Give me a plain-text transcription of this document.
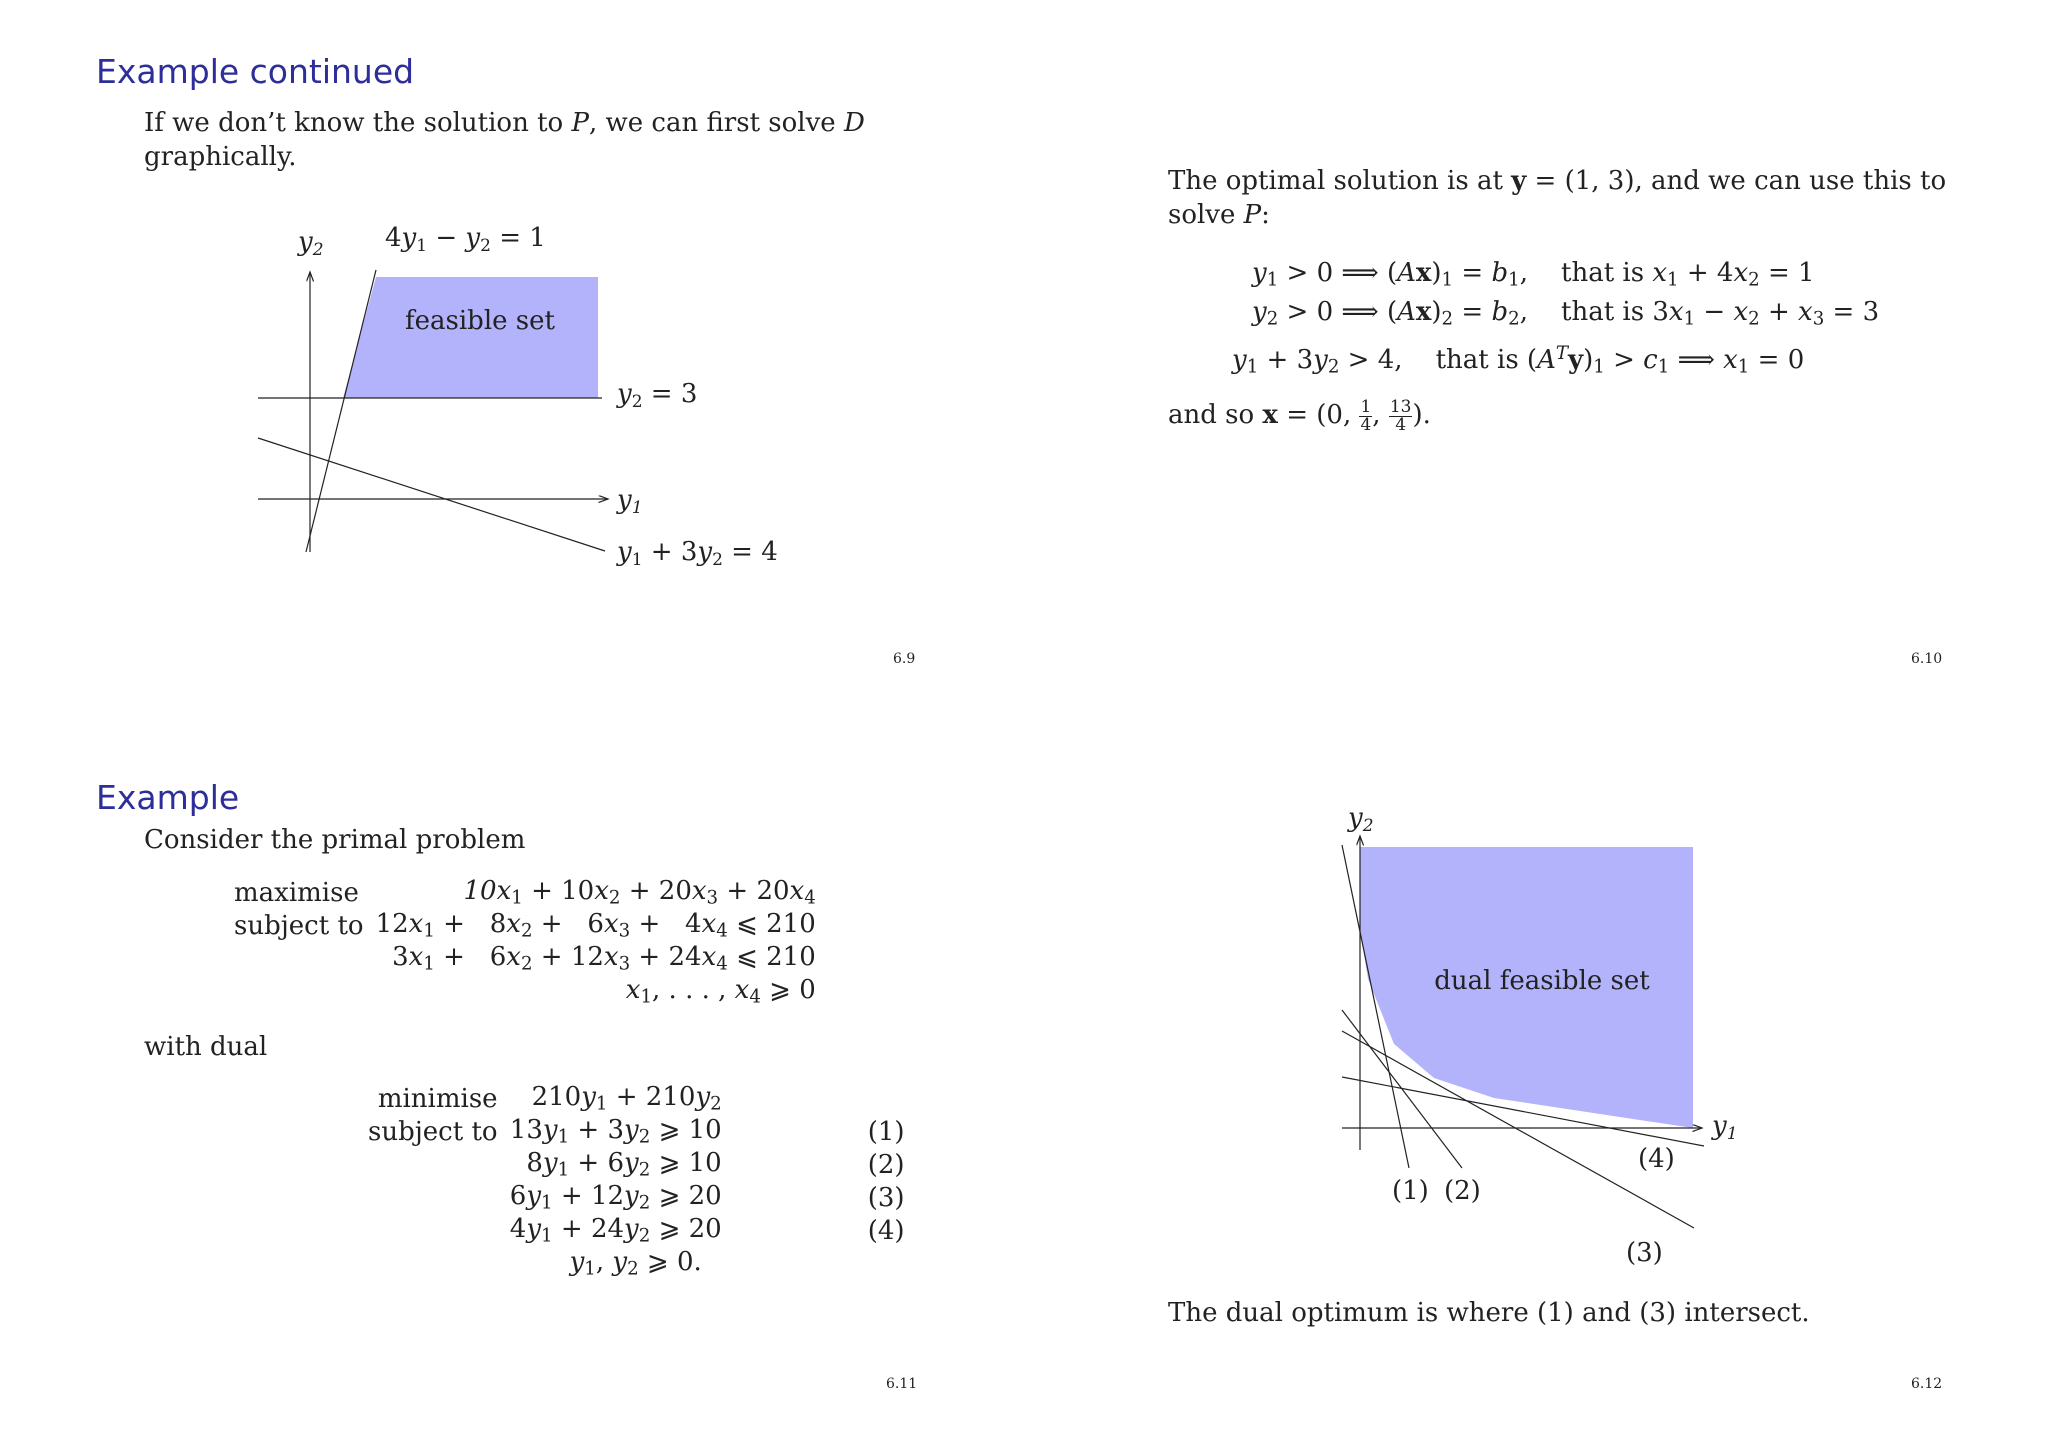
Example continued
If we don’t know the solution to P, we can first solve D
graphically.
y2
y1
4y1 − y2 = 1
y2 = 3
y1 + 3y2 = 4
feasible set
6.9
The optimal solution is at y = (1, 3), and we can use this to
solve P:
$y_1 > 0$ ⟹ $(Ax)_1 = b_1$,    that is $x_1 + 4x_2 = 1$
$y_2 > 0$ ⟹ $(Ax)_2 = b_2$,    that is $3x_1 - x_2 + x_3 = 3$
$y_1 + 3y_2 > 4$,    that is $(A^Ty)_1 > c_1$ ⟹ $x_1 = 0$
and so x = (0, $\frac{1}{4}$ , $\frac{13}{4}$ ).
6.10
Example
Consider the primal problem
maximise	$10x_1 + 10x_2 + 20x_3 + 20x_4$
subject to	$12x_1 + 8x_2 + 6x_3 + 4x_4$ ⩽ 210
	$3x_1 + 6x_2 + 12x_3 + 24x_4$ ⩽ 210
	$x_1$, . . . , $x_4$ ⩾ 0
with dual
minimise	$210y_1 + 210y_2$	
subject to	$13y_1 + 3y_2$ ⩾ 10	(1)
	$8y_1 + 6y_2$ ⩾ 10	(2)
	$6y_1 + 12y_2$ ⩾ 20	(3)
	$4y_1 + 24y_2$ ⩾ 20	(4)
	$y_1$, $y_2$ ⩾ 0.	
6.11
y2
y1
dual feasible set
(1) (2)
(3)
(4)
The dual optimum is where (1) and (3) intersect.
6.12
